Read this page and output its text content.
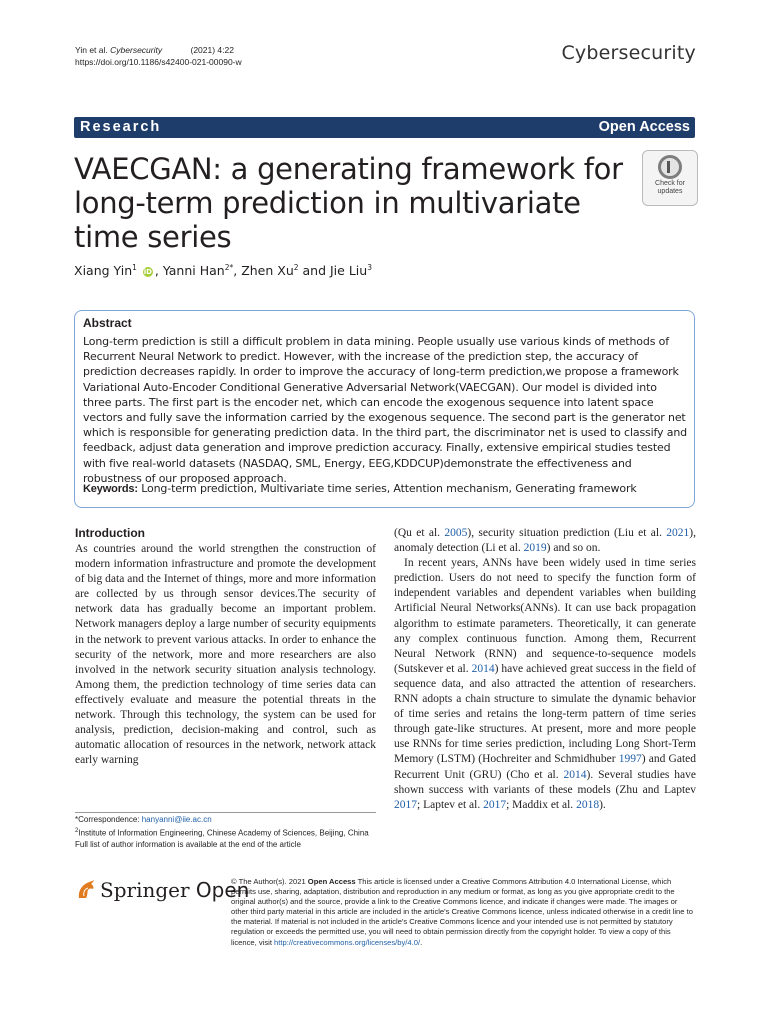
Yin et al. Cybersecurity	(2021) 4:22
https://doi.org/10.1186/s42400-021-00090-w	Cybersecurity
Research	Open Access
VAECGAN: a generating framework for long-term prediction in multivariate time series
Check for
updates
Xiang Yin$^1$ iD , Yanni Han$^{2*}$, Zhen Xu$^2$ and Jie Liu$^3$
Abstract
Long-term prediction is still a difficult problem in data mining. People usually use various kinds of methods of Recurrent Neural Network to predict. However, with the increase of the prediction step, the accuracy of prediction decreases rapidly. In order to improve the accuracy of long-term prediction,we propose a framework Variational Auto-Encoder Conditional Generative Adversarial Network(VAECGAN). Our model is divided into three parts. The first part is the encoder net, which can encode the exogenous sequence into latent space vectors and fully save the information carried by the exogenous sequence. The second part is the generator net which is responsible for generating prediction data. In the third part, the discriminator net is used to classify and feedback, adjust data generation and improve prediction accuracy. Finally, extensive empirical studies tested with five real-world datasets (NASDAQ, SML, Energy, EEG,KDDCUP)demonstrate the effectiveness and robustness of our proposed approach.
Keywords: Long-term prediction, Multivariate time series, Attention mechanism, Generating framework
Introduction
As countries around the world strengthen the construction of modern information infrastructure and promote the development of big data and the Internet of things, more and more information are collected by us through sensor devices.The security of network data has gradually become an important problem. Network managers deploy a large number of security equipments in the network to prevent various attacks. In order to enhance the security of the network, more and more researchers are also involved in the network security situation analysis technology. Among them, the prediction technology of time series data can effectively evaluate and measure the potential threats in the network. Through this technology, the system can be used for analysis, prediction, decision-making and control, such as automatic allocation of resources in the network, network attack early warning

(Qu et al. 2005), security situation prediction (Liu et al. 2021), anomaly detection (Li et al. 2019) and so on.

In recent years, ANNs have been widely used in time series prediction. Users do not need to specify the function form of independent variables and dependent variables when building Artificial Neural Networks(ANNs). It can use back propagation algorithm to estimate parameters. Theoretically, it can generate any complex continuous function. Among them, Recurrent Neural Network (RNN) and sequence-to-sequence models (Sutskever et al. 2014) have achieved great success in the field of sequence data, and also attracted the attention of researchers. RNN adopts a chain structure to simulate the dynamic behavior of time series and retains the long-term pattern of time series through gate-like structures. At present, more and more people use RNNs for time series prediction, including Long Short-Term Memory (LSTM) (Hochreiter and Schmidhuber 1997) and Gated Recurrent Unit (GRU) (Cho et al. 2014). Several studies have shown success with variants of these models (Zhu and Laptev 2017; Laptev et al. 2017; Maddix et al. 2018).

*Correspondence: hanyanni@iie.ac.cn
$^2$Institute of Information Engineering, Chinese Academy of Sciences, Beijing, China
Full list of author information is available at the end of the article
Springer Open
© The Author(s). 2021 Open Access This article is licensed under a Creative Commons Attribution 4.0 International License, which permits use, sharing, adaptation, distribution and reproduction in any medium or format, as long as you give appropriate credit to the original author(s) and the source, provide a link to the Creative Commons licence, and indicate if changes were made. The images or other third party material in this article are included in the article's Creative Commons licence, unless indicated otherwise in a credit line to the material. If material is not included in the article's Creative Commons licence and your intended use is not permitted by statutory regulation or exceeds the permitted use, you will need to obtain permission directly from the copyright holder. To view a copy of this licence, visit http://creativecommons.org/licenses/by/4.0/.
